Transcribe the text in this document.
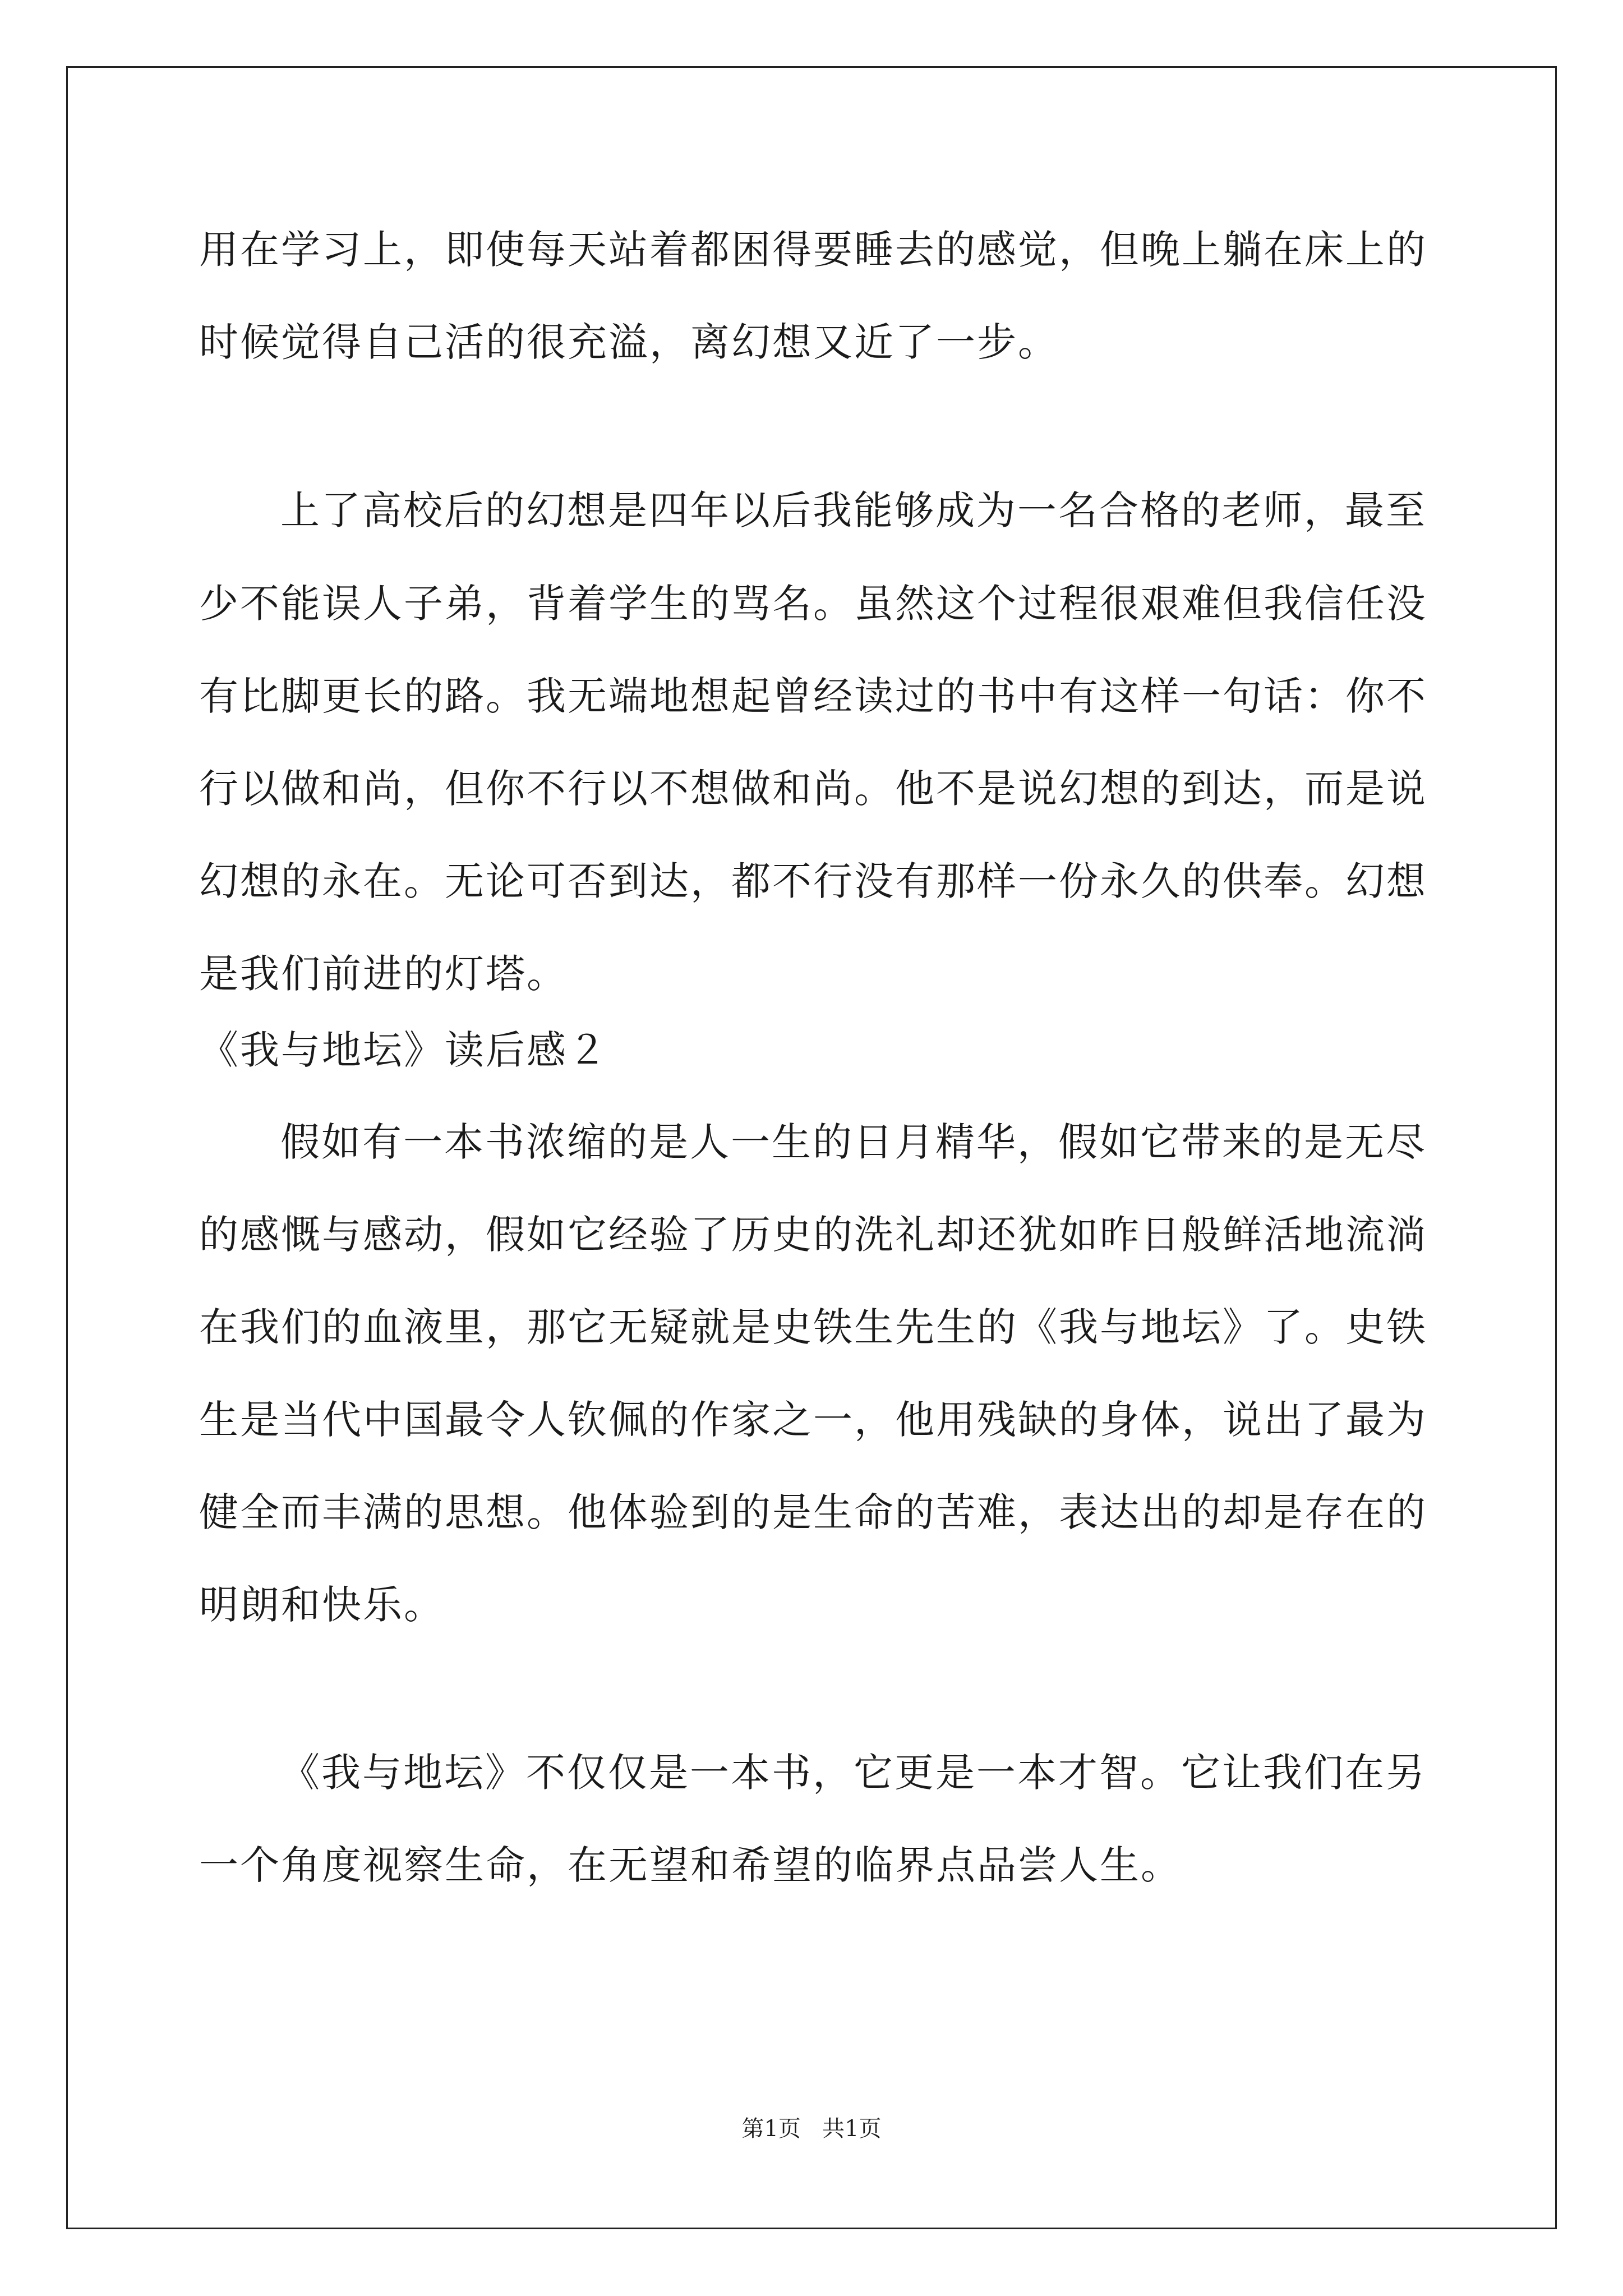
用在学习上，即使每天站着都困得要睡去的感觉，但晚上躺在床上的
时候觉得自己活的很充溢，离幻想又近了一步。
上了高校后的幻想是四年以后我能够成为一名合格的老师，最至
少不能误人子弟，背着学生的骂名。虽然这个过程很艰难但我信任没
有比脚更长的路。我无端地想起曾经读过的书中有这样一句话：你不
行以做和尚，但你不行以不想做和尚。他不是说幻想的到达，而是说
幻想的永在。无论可否到达，都不行没有那样一份永久的供奉。幻想
是我们前进的灯塔。
《我与地坛》读后感２
假如有一本书浓缩的是人一生的日月精华，假如它带来的是无尽
的感慨与感动，假如它经验了历史的洗礼却还犹如昨日般鲜活地流淌
在我们的血液里，那它无疑就是史铁生先生的《我与地坛》了。史铁
生是当代中国最令人钦佩的作家之一，他用残缺的身体，说出了最为
健全而丰满的思想。他体验到的是生命的苦难，表达出的却是存在的
明朗和快乐。
《我与地坛》不仅仅是一本书，它更是一本才智。它让我们在另
一个角度视察生命，在无望和希望的临界点品尝人生。
第1页   共1页
